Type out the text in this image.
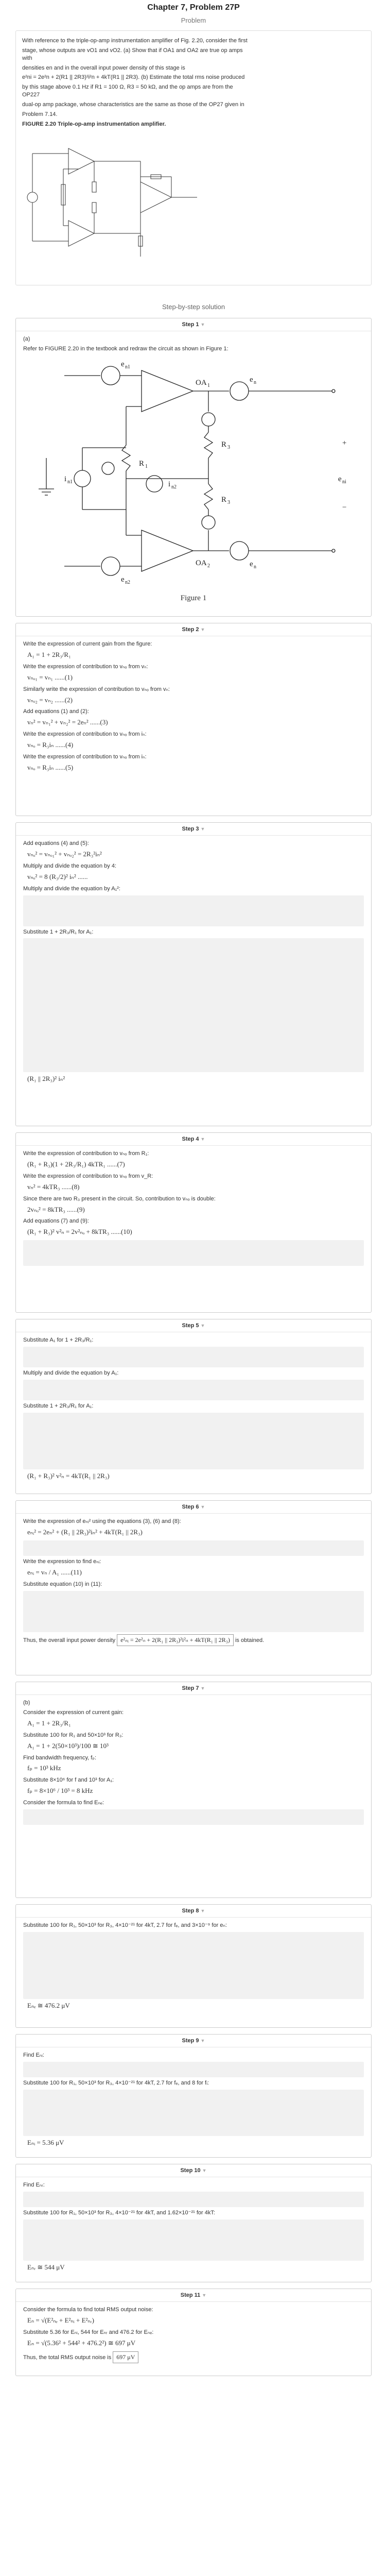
Chapter 7, Problem 27P
Problem

With reference to the triple-op-amp instrumentation amplifier of Fig. 2.20, consider the first

stage, whose outputs are vO1 and vO2. (a) Show that if OA1 and OA2 are true op amps with

densities en and in the overall input power density of this stage is

e²ni = 2e²n + 2(R1 || 2R3)²i²n + 4kT(R1 || 2R3). (b) Estimate the total rms noise produced

by this stage above 0.1 Hz if R1 = 100 Ω, R3 = 50 kΩ, and the op amps are from the OP227

dual-op amp package, whose characteristics are the same as those of the OP27 given in

Problem 7.14.

FIGURE 2.20 Triple-op-amp instrumentation amplifier.

Step-by-step solution
Step 1 ▼

(a)

Refer to FIGURE 2.20 in the textbook and redraw the circuit as shown in Figure 1:

e n1
OA 1
e n
R 3
i n1
R 1
i n2
R 3
e n
OA 2
e n2
+
e ni
−
Figure 1
Step 2 ▼

Write the expression of current gain from the figure:

A₁ = 1 + 2R₃/R₁

Write the expression of contribution to vₙₒ from vₙ:

vₙₒ₁ = vₙ₁ ......(1)

Similarly write the expression of contribution to vₙₒ from vₙ:

vₙₒ₂ = vₙ₂ ......(2)

Add equations (1) and (2):

vₙ² = vₙ₁² + vₙ₂² = 2eₙ² ......(3)

Write the expression of contribution to vₙₒ from iₙ:

vₙₒ = R₃iₙ ......(4)

Write the expression of contribution to vₙₒ from iₙ:

vₙₒ = R₃iₙ ......(5)
Step 3 ▼

Add equations (4) and (5):

vₙₒ² = vₙₒ₁² + vₙₒ₂² = 2R₃²iₙ²

Multiply and divide the equation by 4:

vₙₒ² = 8 (R₃/2)² iₙ² ......

Multiply and divide the equation by A₁²:

Substitute 1 + 2R₃/R₁ for A₁:

(R₁ || 2R₃)² iₙ²
Step 4 ▼

Write the expression of contribution to vₙₒ from R₁:

(R₁ + R₃)(1 + 2R₃/R₁) 4kTR₁ ......(7)

Write the expression of contribution to vₙₒ from v_R:

vₙ² = 4kTR₃ ......(8)

Since there are two R₃ present in the circuit. So, contribution to vₙₒ is double:

2vₙₒ² = 8kTR₃ ......(9)

Add equations (7) and (9):

(R₁ + R₃)² v²ₙ = 2v²ₙₒ + 8kTR₃ ......(10)
Step 5 ▼

Substitute A₁ for 1 + 2R₃/R₁:

Multiply and divide the equation by A₁:

Substitute 1 + 2R₃/R₁ for A₁:

(R₁ + R₃)² v²ₙ = 4kT(R₁ || 2R₃)
Step 6 ▼

Write the expression of eₙᵢ² using the equations (3), (6) and (8):

eₙᵢ² = 2eₙ² + (R₁ || 2R₃)²iₙ² + 4kT(R₁ || 2R₃)

Write the expression to find eₙᵢ:

eₙᵢ = vₙ / A₁ ......(11)

Substitute equation (10) in (11):

Thus, the overall input power density e²ₙᵢ = 2e²ₙ + 2(R₁ || 2R₃)²i²ₙ + 4kT(R₁ || 2R₃) is obtained.

Step 7 ▼

(b)

Consider the expression of current gain:

A₁ = 1 + 2R₃/R₁

Substitute 100 for R₁ and 50×10³ for R₃:

A₁ = 1 + 2(50×10³)/100 ≅ 10³

Find bandwidth frequency, fₚ:

fₚ = 10³ kHz

Substitute 8×10⁶ for f and 10³ for A₁:

fₚ = 8×10⁶ / 10³ = 8 kHz

Consider the formula to find Eₙₑ:

Step 8 ▼

Substitute 100 for R₁, 50×10³ for R₃, 4×10⁻²¹ for 4kT, 2.7 for fₑ, and 3×10⁻⁹ for eₙ:

Eₙₑ ≅ 476.2 μV
Step 9 ▼

Find Eₙᵢ:

Substitute 100 for R₁, 50×10³ for R₃, 4×10⁻²¹ for 4kT, 2.7 for fₑ, and 8 for fᵢ:

Eₙᵢ = 5.36 μV
Step 10 ▼

Find Eₙᵣ:

Substitute 100 for R₁, 50×10³ for R₃, 4×10⁻²¹ for 4kT, and 1.62×10⁻²¹ for 4kT:

Eₙᵣ ≅ 544 μV
Step 11 ▼

Consider the formula to find total RMS output noise:

Eₙ = √(E²ₙₑ + E²ₙᵢ + E²ₙᵣ)

Substitute 5.36 for Eₙᵢ, 544 for Eₙᵣ and 476.2 for Eₙₑ:

Eₙ = √(5.36² + 544² + 476.2²) ≅ 697 μV

Thus, the total RMS output noise is 697 μV
